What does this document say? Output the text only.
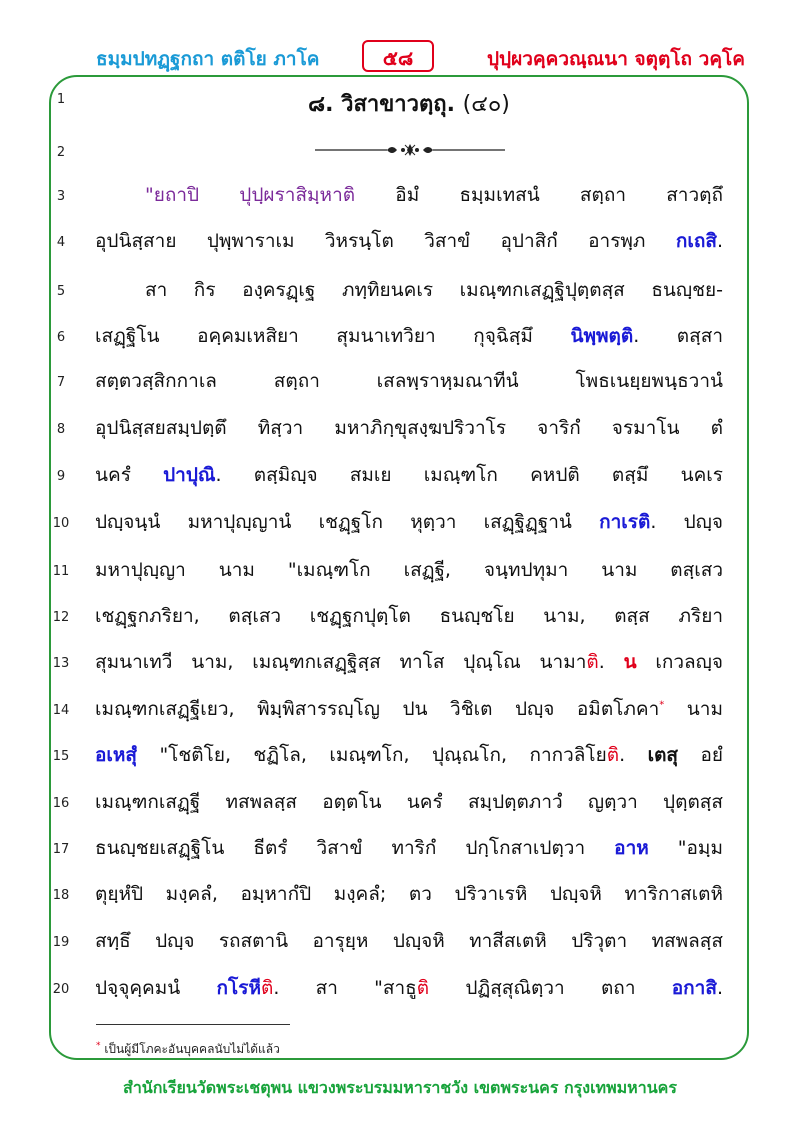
ธมฺมปทฏฺฐกถา ตติโย ภาโค	๕๘	ปุปฺผวคฺควณฺณนา จตุตฺโถ วคฺโค
1
2
3
4
5
6
7
8
9
10
11
12
13
14
15
16
17
18
19
20
๘. วิสาขาวตฺถุ. (๔๐)
"ยถาปิ ปุปฺผราสิมฺหาติ อิมํ ธมฺมเทสนํ สตฺถา สาวตฺถึ
อุปนิสฺสาย ปุพฺพาราเม วิหรนฺโต วิสาขํ อุปาสิกํ อารพฺภ กเถสิ.
สา กิร องฺครฏฺเฐ ภทฺทิยนคเร เมณฺฑกเสฏฺฐิปุตฺตสฺส ธนญฺชย-
เสฏฺฐิโน อคฺคมเหสิยา สุมนาเทวิยา กุจฺฉิสฺมึ นิพฺพตฺติ. ตสฺสา
สตฺตวสฺสิกกาเล สตฺถา เสลพฺราหฺมณาทีนํ โพธเนยฺยพนฺธวานํ
อุปนิสฺสยสมฺปตฺตึ ทิสฺวา มหาภิกฺขุสงฺฆปริวาโร จาริกํ จรมาโน ตํ
นครํ ปาปุณิ. ตสฺมิญฺจ สมเย เมณฺฑโก คหปติ ตสฺมึ นคเร
ปญฺจนฺนํ มหาปุญฺญานํ เชฏฺฐโก หุตฺวา เสฏฺฐิฏฺฐานํ กาเรติ. ปญฺจ
มหาปุญฺญา นาม "เมณฺฑโก เสฏฺฐี, จนฺทปทุมา นาม ตสฺเสว
เชฏฺฐกภริยา, ตสฺเสว เชฏฺฐกปุตฺโต ธนญฺชโย นาม, ตสฺส ภริยา
สุมนาเทวี นาม, เมณฺฑกเสฏฺฐิสฺส ทาโส ปุณฺโณ นามาติ. น เกวลญฺจ
เมณฺฑกเสฏฺฐีเยว, พิมฺพิสารรญฺโญ ปน วิชิเต ปญฺจ อมิตโภคา* นาม
อเหสุํ "โชติโย, ชฏิโล, เมณฺฑโก, ปุณฺณโก, กากวลิโยติ. เตสุ อยํ
เมณฺฑกเสฏฺฐี ทสพลสฺส อตฺตโน นครํ สมฺปตฺตภาวํ ญตฺวา ปุตฺตสฺส
ธนญฺชยเสฏฺฐิโน ธีตรํ วิสาขํ ทาริกํ ปกฺโกสาเปตฺวา อาห "อมฺม
ตุยฺหํปิ มงฺคลํ, อมฺหากํปิ มงฺคลํ; ตว ปริวาเรหิ ปญฺจหิ ทาริกาสเตหิ
สทฺธึ ปญฺจ รถสตานิ อารุยฺห ปญฺจหิ ทาสีสเตหิ ปริวุตา ทสพลสฺส
ปจฺจุคฺคมนํ กโรหีติ. สา "สาธูติ ปฏิสฺสุณิตฺวา ตถา อกาสิ.
* เป็นผู้มีโภคะอันบุคคลนับไม่ได้แล้ว
สำนักเรียนวัดพระเชตุพน แขวงพระบรมมหาราชวัง เขตพระนคร กรุงเทพมหานคร
